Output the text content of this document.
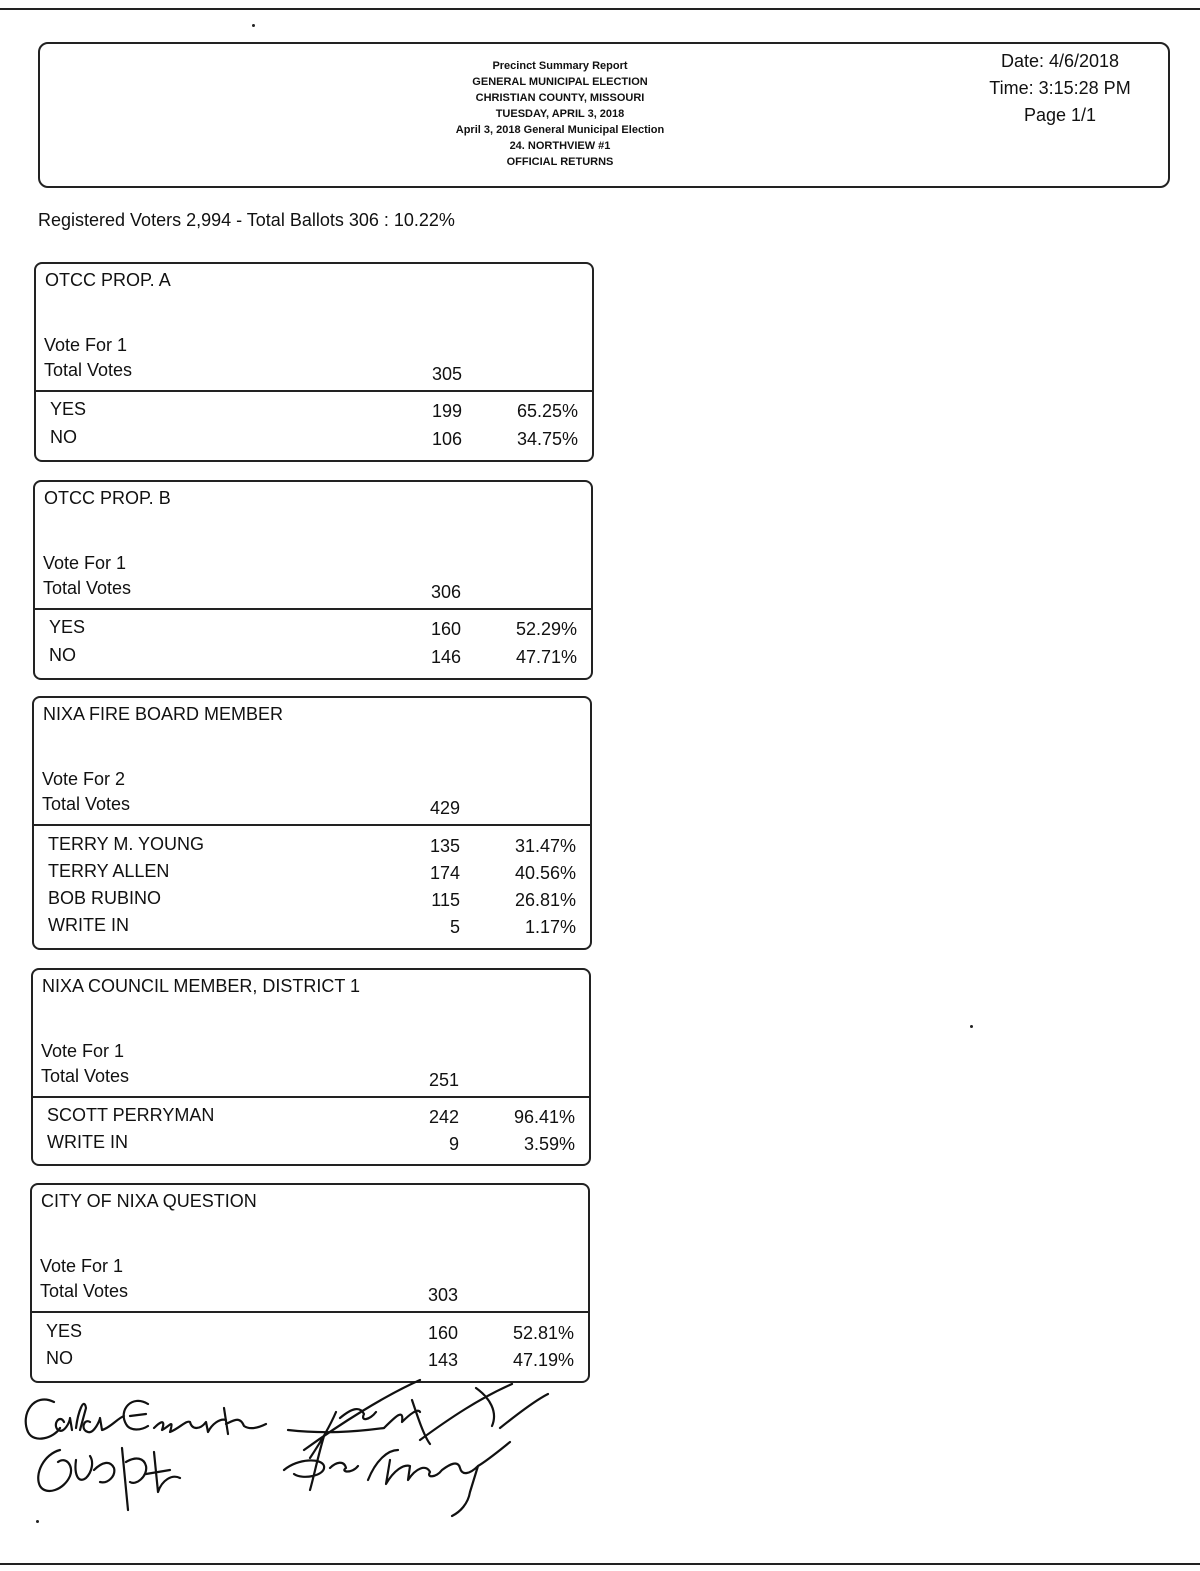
Precinct Summary Report
GENERAL MUNICIPAL ELECTION
CHRISTIAN COUNTY, MISSOURI
TUESDAY, APRIL 3, 2018
April 3, 2018 General Municipal Election
24. NORTHVIEW #1
OFFICIAL RETURNS
Date: 4/6/2018
Time: 3:15:28 PM
Page 1/1
Registered Voters 2,994 - Total Ballots 306 : 10.22%
OTCC PROP. A
Vote For 1
Total Votes	305
YES	199	65.25%
NO	106	34.75%
OTCC PROP. B
Vote For 1
Total Votes	306
YES	160	52.29%
NO	146	47.71%
NIXA FIRE BOARD MEMBER
Vote For 2
Total Votes	429
TERRY M. YOUNG	135	31.47%
TERRY ALLEN	174	40.56%
BOB RUBINO	115	26.81%
WRITE IN	5	1.17%
NIXA COUNCIL MEMBER, DISTRICT 1
Vote For 1
Total Votes	251
SCOTT PERRYMAN	242	96.41%
WRITE IN	9	3.59%
CITY OF NIXA QUESTION
Vote For 1
Total Votes	303
YES	160	52.81%
NO	143	47.19%
